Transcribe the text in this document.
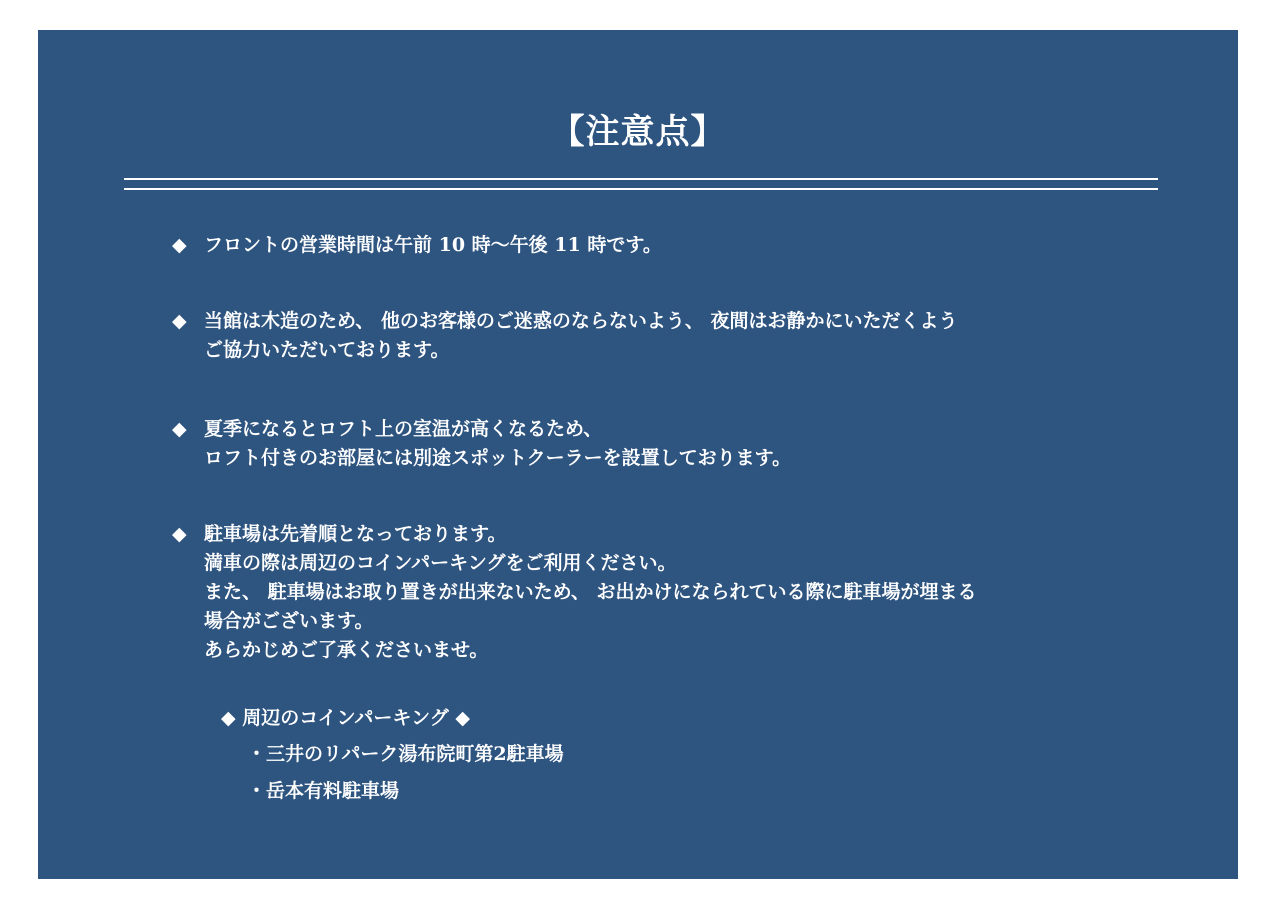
【注意点】
◆ フロントの営業時間は午前 10 時～午後 11 時です。
◆ 当館は木造のため、 他のお客様のご迷惑のならないよう、 夜間はお静かにいただくよう
ご協力いただいております。
◆ 夏季になるとロフト上の室温が高くなるため、
ロフト付きのお部屋には別途スポットクーラーを設置しております。
◆ 駐車場は先着順となっております。
満車の際は周辺のコインパーキングをご利用ください。
また、 駐車場はお取り置きが出来ないため、 お出かけになられている際に駐車場が埋まる
場合がございます。
あらかじめご了承くださいませ。
◆ 周辺のコインパーキング ◆
・三井のリパーク湯布院町第2駐車場
・岳本有料駐車場
